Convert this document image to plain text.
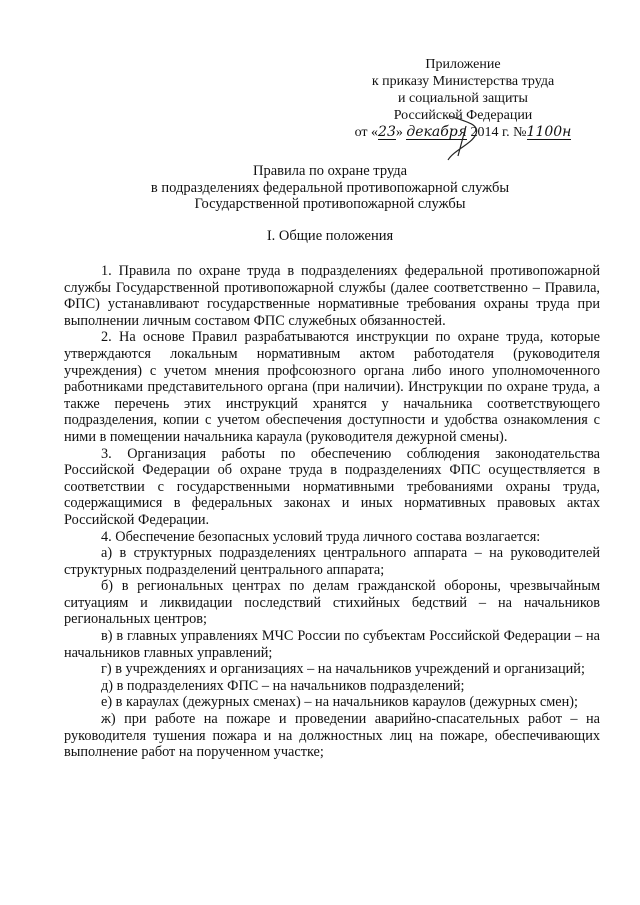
Приложение
к приказу Министерства труда
и социальной защиты
Российской Федерации
от «23» декабря 2014 г. №1100н
Правила по охране труда
в подразделениях федеральной противопожарной службы
Государственной противопожарной службы
I. Общие положения

1. Правила по охране труда в подразделениях федеральной противопожарной службы Государственной противопожарной службы (далее соответственно – Правила, ФПС) устанавливают государственные нормативные требования охраны труда при выполнении личным составом ФПС служебных обязанностей.

2. На основе Правил разрабатываются инструкции по охране труда, которые утверждаются локальным нормативным актом работодателя (руководителя учреждения) с учетом мнения профсоюзного органа либо иного уполномоченного работниками представительного органа (при наличии). Инструкции по охране труда, а также перечень этих инструкций хранятся у начальника соответствующего подразделения, копии с учетом обеспечения доступности и удобства ознакомления с ними в помещении начальника караула (руководителя дежурной смены).

3. Организация работы по обеспечению соблюдения законодательства Российской Федерации об охране труда в подразделениях ФПС осуществляется в соответствии с государственными нормативными требованиями охраны труда, содержащимися в федеральных законах и иных нормативных правовых актах Российской Федерации.

4. Обеспечение безопасных условий труда личного состава возлагается:

а) в структурных подразделениях центрального аппарата – на руководителей структурных подразделений центрального аппарата;

б) в региональных центрах по делам гражданской обороны, чрезвычайным ситуациям и ликвидации последствий стихийных бедствий – на начальников региональных центров;

в) в главных управлениях МЧС России по субъектам Российской Федерации – на начальников главных управлений;

г) в учреждениях и организациях – на начальников учреждений и организаций;

д) в подразделениях ФПС – на начальников подразделений;

е) в караулах (дежурных сменах) – на начальников караулов (дежурных смен);

ж) при работе на пожаре и проведении аварийно-спасательных работ – на руководителя тушения пожара и на должностных лиц на пожаре, обеспечивающих выполнение работ на порученном участке;
